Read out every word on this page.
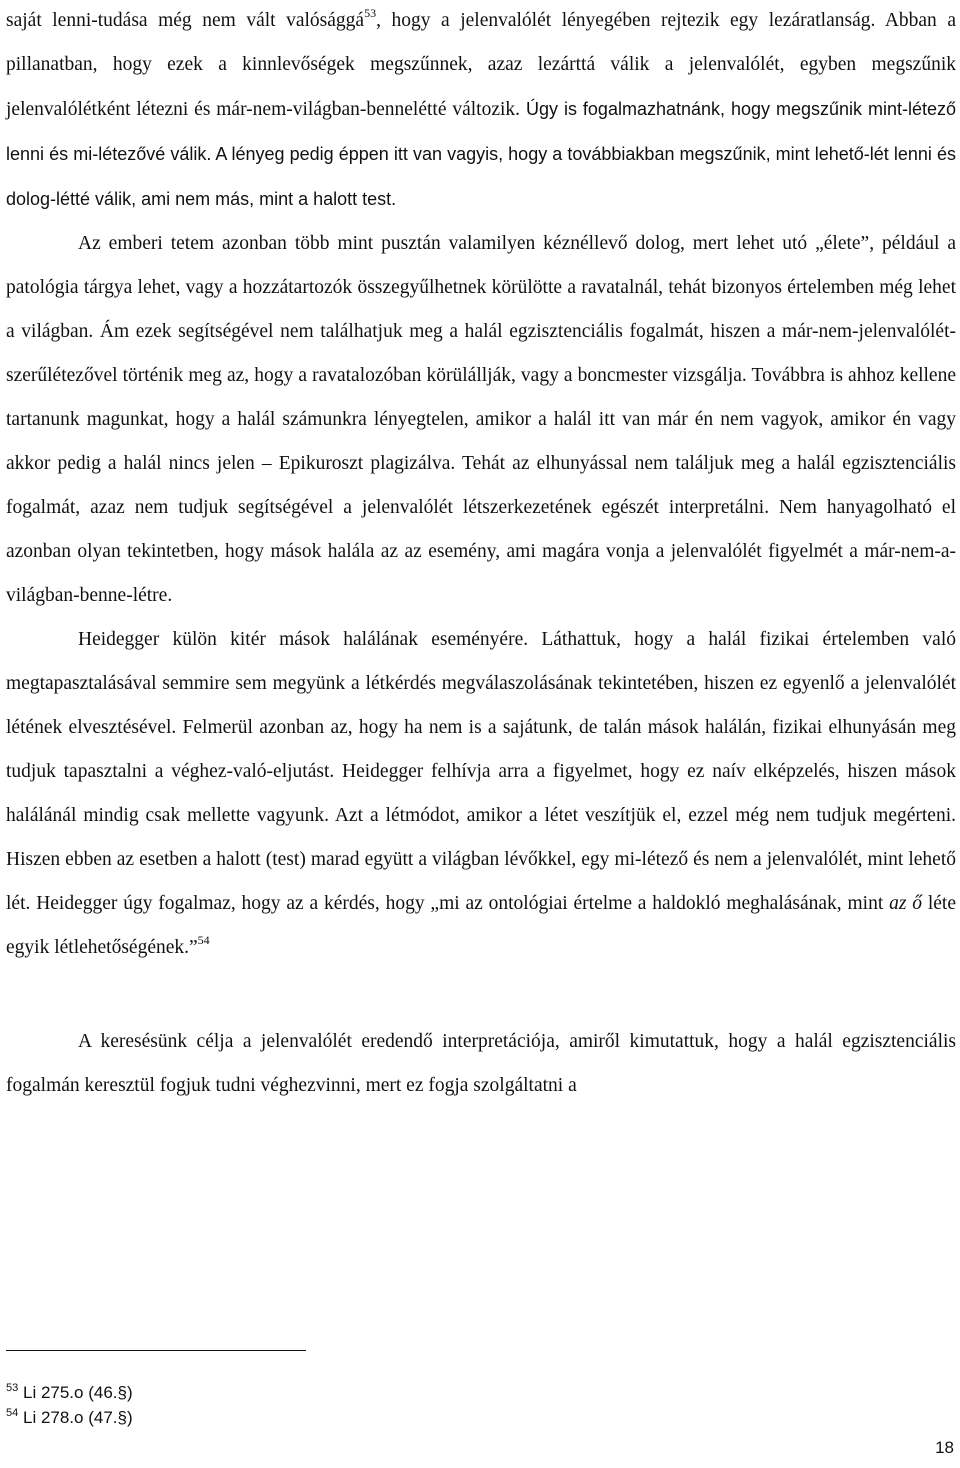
saját lenni-tudása még nem vált valósággá$^{53}$, hogy a jelenvalólét lényegében rejtezik egy lezáratlanság. Abban a pillanatban, hogy ezek a kinnlevőségek megszűnnek, azaz lezárttá válik a jelenvalólét, egyben megszűnik jelenvalólétként létezni és már-nem-világban-bennelétté változik. Úgy is fogalmazhatnánk, hogy megszűnik mint-létező lenni és mi-létezővé válik. A lényeg pedig éppen itt van vagyis, hogy a továbbiakban megszűnik, mint lehető-lét lenni és dolog-létté válik, ami nem más, mint a halott test.

Az emberi tetem azonban több mint pusztán valamilyen kéznéllevő dolog, mert lehet utó „élete”, például a patológia tárgya lehet, vagy a hozzátartozók összegyűlhetnek körülötte a ravatalnál, tehát bizonyos értelemben még lehet a világban. Ám ezek segítségével nem találhatjuk meg a halál egzisztenciális fogalmát, hiszen a már-nem-jelenvalólét-szerűlétezővel történik meg az, hogy a ravatalozóban körülállják, vagy a boncmester vizsgálja. Továbbra is ahhoz kellene tartanunk magunkat, hogy a halál számunkra lényegtelen, amikor a halál itt van már én nem vagyok, amikor én vagy akkor pedig a halál nincs jelen – Epikuroszt plagizálva. Tehát az elhunyással nem találjuk meg a halál egzisztenciális fogalmát, azaz nem tudjuk segítségével a jelenvalólét létszerkezetének egészét interpretálni. Nem hanyagolható el azonban olyan tekintetben, hogy mások halála az az esemény, ami magára vonja a jelenvalólét figyelmét a már-nem-a-világban-benne-létre.

Heidegger külön kitér mások halálának eseményére. Láthattuk, hogy a halál fizikai értelemben való megtapasztalásával semmire sem megyünk a létkérdés megválaszolásának tekintetében, hiszen ez egyenlő a jelenvalólét létének elvesztésével. Felmerül azonban az, hogy ha nem is a sajátunk, de talán mások halálán, fizikai elhunyásán meg tudjuk tapasztalni a véghez-való-eljutást. Heidegger felhívja arra a figyelmet, hogy ez naív elképzelés, hiszen mások halálánál mindig csak mellette vagyunk. Azt a létmódot, amikor a létet veszítjük el, ezzel még nem tudjuk megérteni. Hiszen ebben az esetben a halott (test) marad együtt a világban lévőkkel, egy mi-létező és nem a jelenvalólét, mint lehető lét. Heidegger úgy fogalmaz, hogy az a kérdés, hogy „mi az ontológiai értelme a haldokló meghalásának, mint az ő léte egyik létlehetőségének.”$^{54}$

A keresésünk célja a jelenvalólét eredendő interpretációja, amiről kimutattuk, hogy a halál egzisztenciális fogalmán keresztül fogjuk tudni véghezvinni, mert ez fogja szolgáltatni a

$^{53}$ Li 275.o (46.§)
$^{54}$ Li 278.o (47.§)
18
